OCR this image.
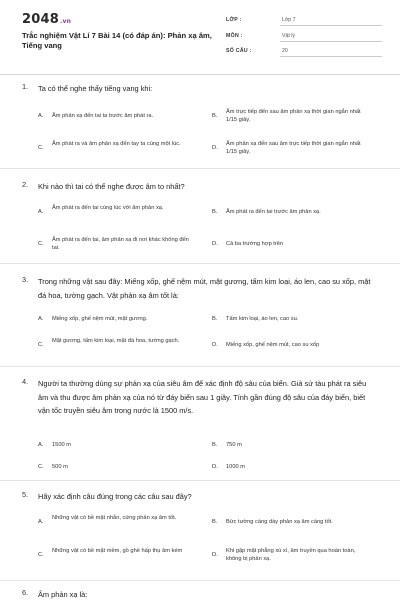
2048.vn
Trắc nghiệm Vật Lí 7 Bài 14 (có đáp án): Phản xạ âm, Tiếng vang
LỚP :	Lớp 7
MÔN :	Vật lý
SỐ CÂU :	20
1. Ta có thể nghe thấy tiếng vang khi:
A. Âm phản xạ đến tai ta trước âm phát ra.	B.
Âm trực tiếp đến sau âm phản xạ thời gian ngắn nhất 1/15 giây.
C.
Âm phát ra và âm phản xạ đến tay ta cùng một lúc.
D.
Âm phản xạ đến sau âm trực tiếp thời gian ngắn nhất 1/15 giây.
2. Khi nào thì tai có thể nghe được âm to nhất?
A.
Âm phát ra đến tai cùng lúc với âm phản xạ.
B. Âm phát ra đến tai trước âm phản xạ.
C.
Âm phát ra đến tai, âm phản xạ đi nơi khác không đến tai.
D. Cả ba trường hợp trên
3. Trong những vật sau đây: Miếng xốp, ghế nệm mút, mặt gương, tấm kim loại, áo len, cao su xốp, mặt đá hoa, tường gạch. Vật phản xạ âm tốt là:
A. Miếng xốp, ghế nệm mút, mặt gương.	B. Tấm kim loại, áo len, cao su.
C.
Mặt gương, tấm kim loại, mặt đá hoa, tường gạch.
D. Miếng xốp, ghế nệm mút, cao su xốp
4. Người ta thường dùng sự phản xạ của siêu âm để xác định độ sâu của biển. Giả sử tàu phát ra siêu âm và thu được âm phản xạ của nó từ đáy biển sau 1 giây. Tính gần đúng độ sâu của đáy biển, biết vận tốc truyền siêu âm trong nước là 1500 m/s.
A. 1500 m	B. 750 m
C. 500 m	D. 1000 m
5. Hãy xác định câu đúng trong các câu sau đây?
A.
Những vật có bề mặt nhẵn, cứng phản xạ âm tốt.
B. Bức tường càng dày phản xạ âm càng tốt.
C.
Những vật có bề mặt mềm, gồ ghề hấp thụ âm kém
D.
Khi gặp mặt phẳng xù xì, âm truyền qua hoàn toàn, không bị phản xạ.
6. Âm phản xạ là:
